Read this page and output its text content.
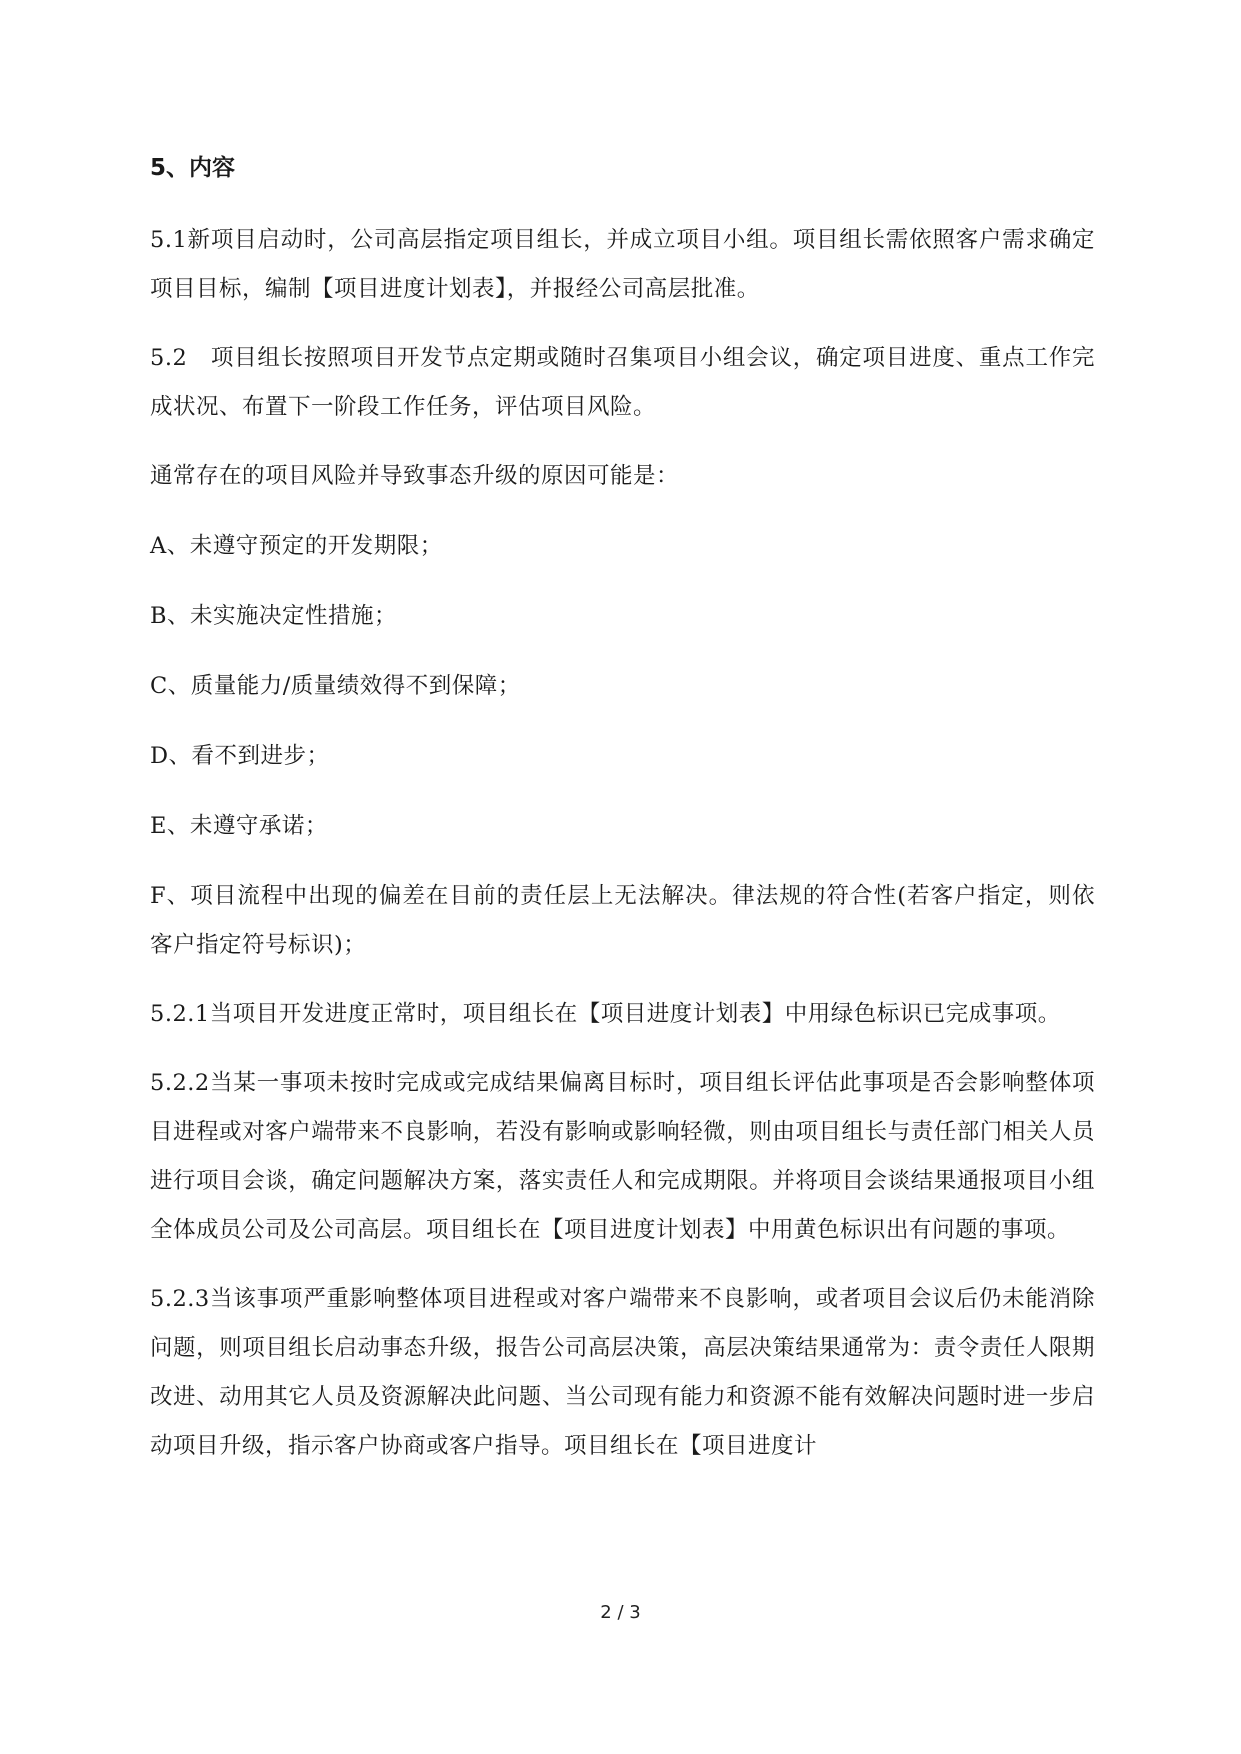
5、内容

5.1新项目启动时，公司高层指定项目组长，并成立项目小组。项目组长需依照客户需求确定项目目标，编制【项目进度计划表】，并报经公司高层批准。

5.2　项目组长按照项目开发节点定期或随时召集项目小组会议，确定项目进度、重点工作完成状况、布置下一阶段工作任务，评估项目风险。

通常存在的项目风险并导致事态升级的原因可能是：

A、未遵守预定的开发期限；

B、未实施决定性措施；

C、质量能力/质量绩效得不到保障；

D、看不到进步；

E、未遵守承诺；

F、项目流程中出现的偏差在目前的责任层上无法解决。律法规的符合性(若客户指定，则依客户指定符号标识)；

5.2.1当项目开发进度正常时，项目组长在【项目进度计划表】中用绿色标识已完成事项。

5.2.2当某一事项未按时完成或完成结果偏离目标时，项目组长评估此事项是否会影响整体项目进程或对客户端带来不良影响，若没有影响或影响轻微，则由项目组长与责任部门相关人员进行项目会谈，确定问题解决方案，落实责任人和完成期限。并将项目会谈结果通报项目小组全体成员公司及公司高层。项目组长在【项目进度计划表】中用黄色标识出有问题的事项。

5.2.3当该事项严重影响整体项目进程或对客户端带来不良影响，或者项目会议后仍未能消除问题，则项目组长启动事态升级，报告公司高层决策，高层决策结果通常为：责令责任人限期改进、动用其它人员及资源解决此问题、当公司现有能力和资源不能有效解决问题时进一步启动项目升级，指示客户协商或客户指导。项目组长在【项目进度计

2 / 3
